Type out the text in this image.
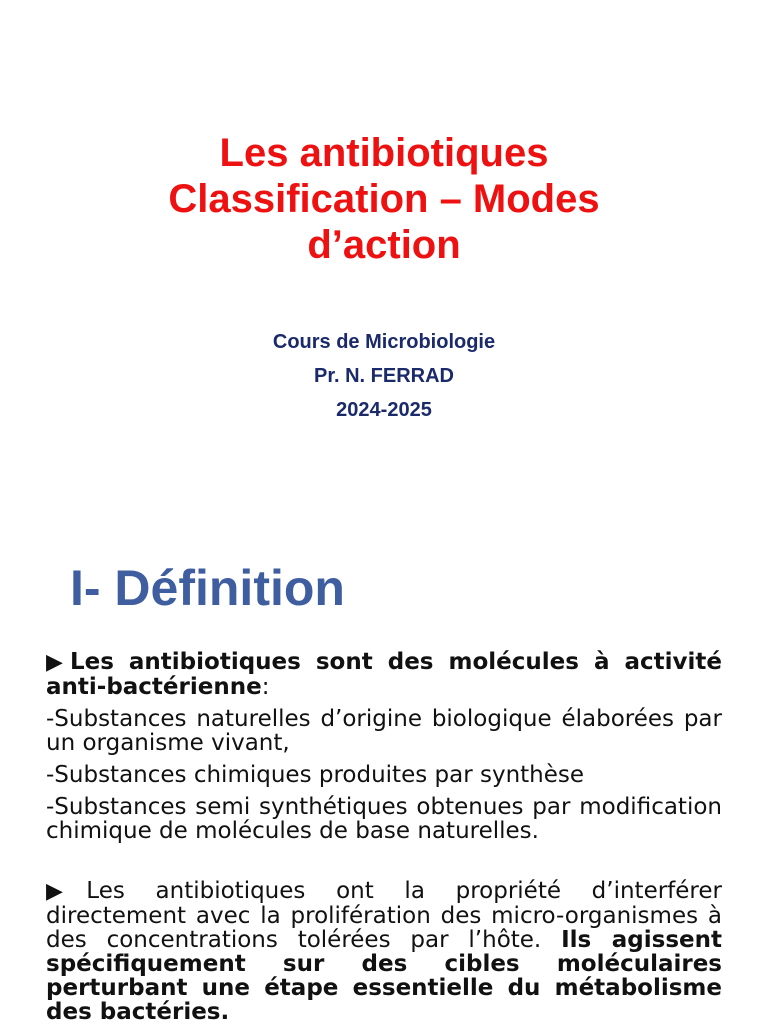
Les antibiotiques
Classification – Modes
d’action
Cours de Microbiologie
Pr. N. FERRAD
2024-2025
I- Définition

▶Les antibiotiques sont des molécules à activité anti-bactérienne:

-Substances naturelles d’origine biologique élaborées par un organisme vivant,

-Substances chimiques produites par synthèse

-Substances semi synthétiques obtenues par modification chimique de molécules de base naturelles.

▶Les antibiotiques ont la propriété d’interférer directement avec la prolifération des micro-organismes à des concentrations tolérées par l’hôte. Ils agissent spécifiquement sur des cibles moléculaires perturbant une étape essentielle du métabolisme des bactéries.
